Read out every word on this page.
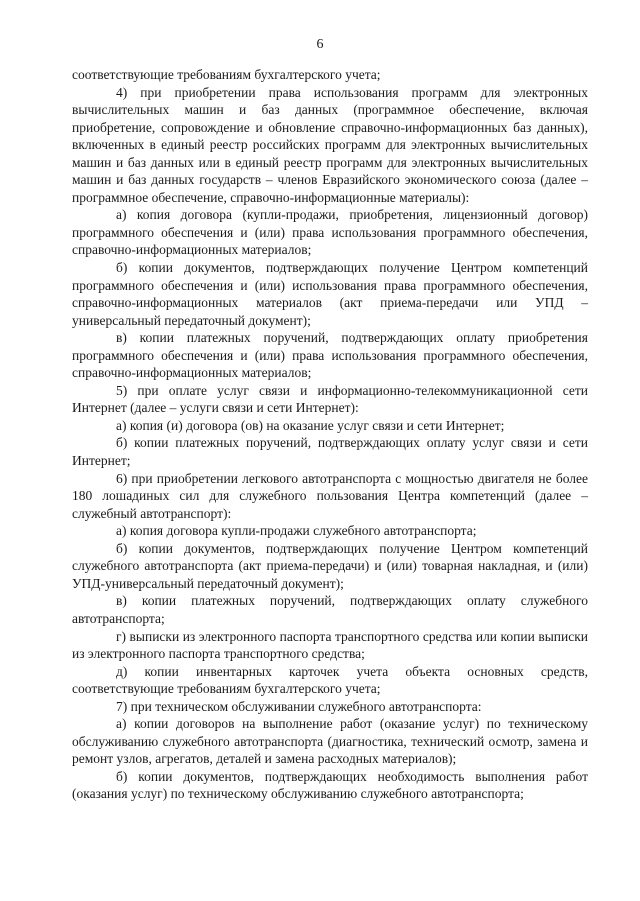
6

соответствующие требованиям бухгалтерского учета;

4) при приобретении права использования программ для электронных вычислительных машин и баз данных (программное обеспечение, включая приобретение, сопровождение и обновление справочно-информационных баз данных), включенных в единый реестр российских программ для электронных вычислительных машин и баз данных или в единый реестр программ для электронных вычислительных машин и баз данных государств – членов Евразийского экономического союза (далее – программное обеспечение, справочно-информационные материалы):

а) копия договора (купли-продажи, приобретения, лицензионный договор) программного обеспечения и (или) права использования программного обеспечения, справочно-информационных материалов;

б) копии документов, подтверждающих получение Центром компетенций программного обеспечения и (или) использования права программного обеспечения, справочно-информационных материалов (акт приема-передачи или УПД – универсальный передаточный документ);

в) копии платежных поручений, подтверждающих оплату приобретения программного обеспечения и (или) права использования программного обеспечения, справочно-информационных материалов;

5) при оплате услуг связи и информационно-телекоммуникационной сети Интернет (далее – услуги связи и сети Интернет):

а) копия (и) договора (ов) на оказание услуг связи и сети Интернет;

б) копии платежных поручений, подтверждающих оплату услуг связи и сети Интернет;

6) при приобретении легкового автотранспорта с мощностью двигателя не более 180 лошадиных сил для служебного пользования Центра компетенций (далее – служебный автотранспорт):

а) копия договора купли-продажи служебного автотранспорта;

б) копии документов, подтверждающих получение Центром компетенций служебного автотранспорта (акт приема-передачи) и (или) товарная накладная, и (или) УПД-универсальный передаточный документ);

в) копии платежных поручений, подтверждающих оплату служебного автотранспорта;

г) выписки из электронного паспорта транспортного средства или копии выписки из электронного паспорта транспортного средства;

д) копии инвентарных карточек учета объекта основных средств, соответствующие требованиям бухгалтерского учета;

7) при техническом обслуживании служебного автотранспорта:

а) копии договоров на выполнение работ (оказание услуг) по техническому обслуживанию служебного автотранспорта (диагностика, технический осмотр, замена и ремонт узлов, агрегатов, деталей и замена расходных материалов);

б) копии документов, подтверждающих необходимость выполнения работ (оказания услуг) по техническому обслуживанию служебного автотранспорта;
